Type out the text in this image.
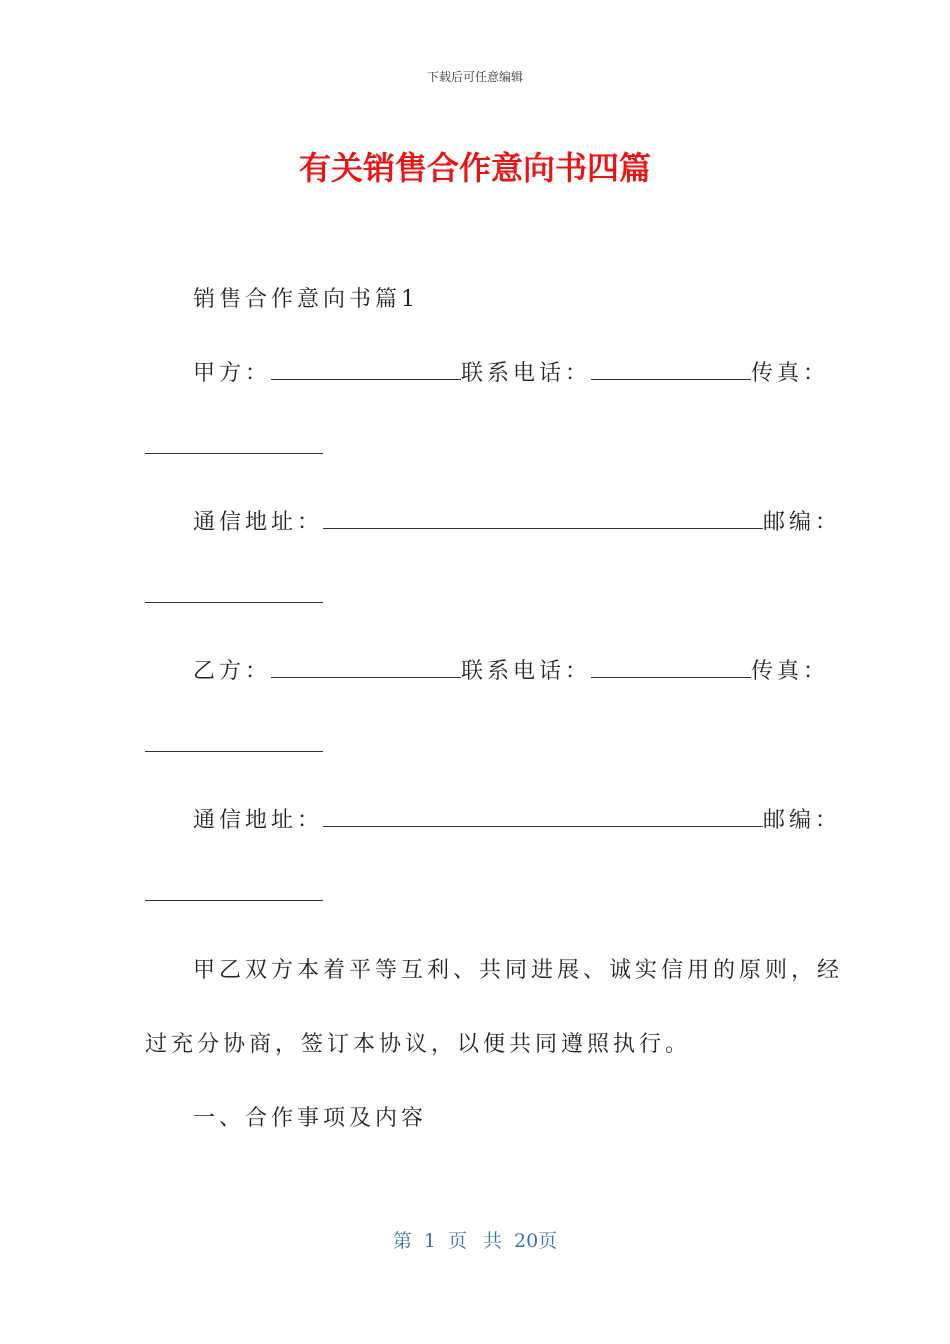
下载后可任意编辑
有关销售合作意向书四篇
销售合作意向书篇1
甲方：	联系电话：	传真：
通信地址：	邮编：
乙方：	联系电话：	传真：
通信地址：	邮编：
甲乙双方本着平等互利、共同进展、诚实信用的原则，经
过充分协商，签订本协议，以便共同遵照执行。
一、合作事项及内容
第 1 页 共 20页
